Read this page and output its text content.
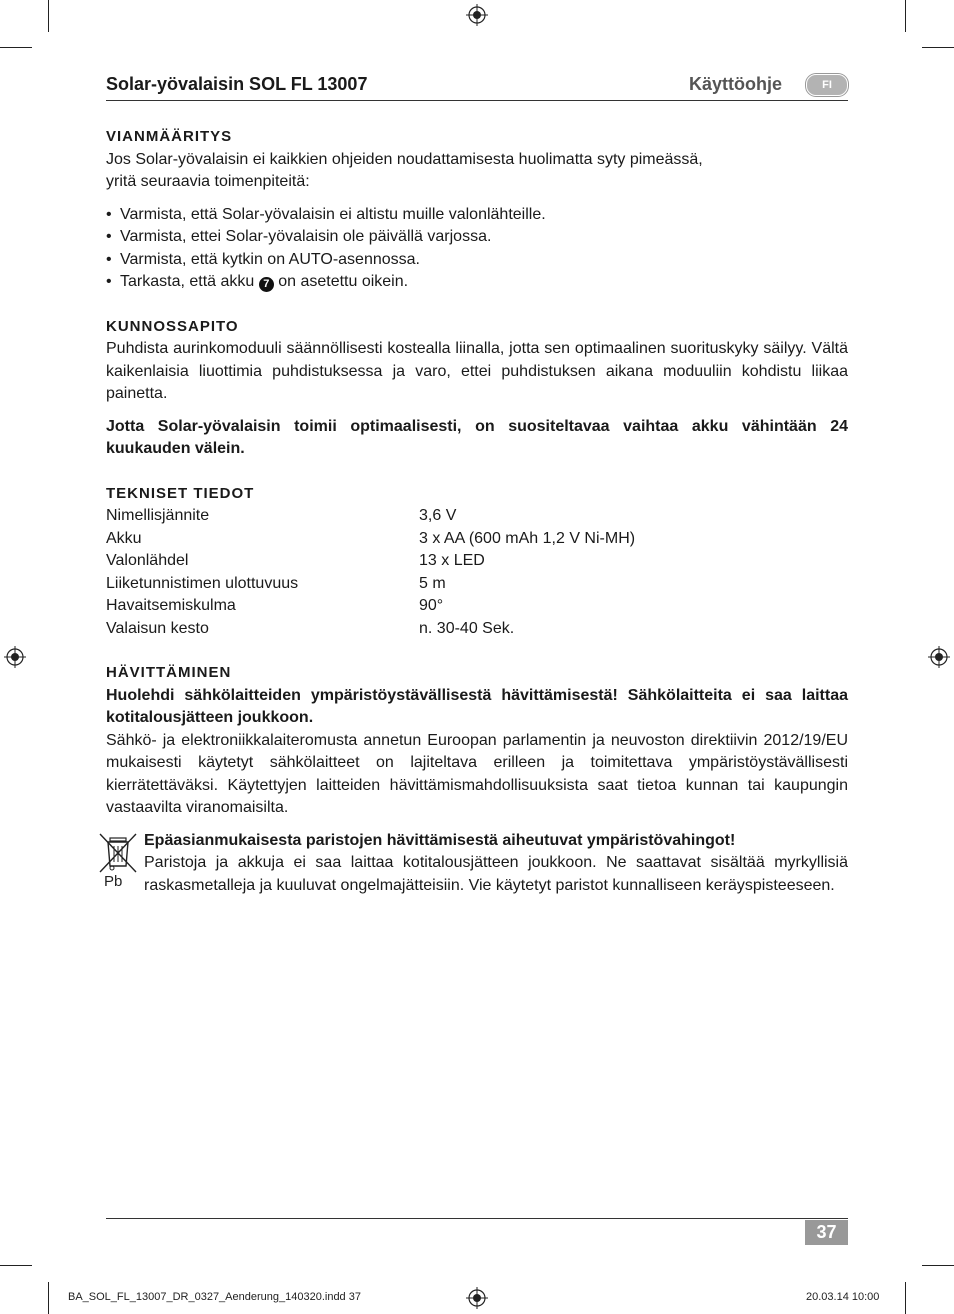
Solar-yövalaisin SOL FL 13007	Käyttöohje	FI

VIANMÄÄRITYS

Jos Solar-yövalaisin ei kaikkien ohjeiden noudattamisesta huolimatta syty pimeässä,

yritä seuraavia toimenpiteitä:

• Varmista, että Solar-yövalaisin ei altistu muille valonlähteille.
• Varmista, ettei Solar-yövalaisin ole päivällä varjossa.
• Varmista, että kytkin on AUTO-asennossa.
• Tarkasta, että akku 7 on asetettu oikein.

KUNNOSSAPITO

Puhdista aurinkomoduuli säännöllisesti kostealla liinalla, jotta sen optimaalinen suorituskyky säilyy. Vältä kaikenlaisia liuottimia puhdistuksessa ja varo, ettei puhdistuksen aikana moduuliin kohdistu liikaa painetta.

Jotta Solar-yövalaisin toimii optimaalisesti, on suositeltavaa vaihtaa akku vähintään 24 kuukauden välein.

TEKNISET TIEDOT

Nimellisjännite	3,6 V
Akku	3 x AA (600 mAh 1,2 V Ni-MH)
Valonlähdel	13 x LED
Liiketunnistimen ulottuvuus	5 m
Havaitsemiskulma	90°
Valaisun kesto	n. 30-40 Sek.

HÄVITTÄMINEN

Huolehdi sähkölaitteiden ympäristöystävällisestä hävittämisestä! Sähkölaitteita ei saa laittaa kotitalousjätteen joukkoon.

Sähkö- ja elektroniikkalaiteromusta annetun Euroopan parlamentin ja neuvoston direktiivin 2012/19/EU mukaisesti käytetyt sähkölaitteet on lajiteltava erilleen ja toimitettava ympäristöystävällisesti kierrätettäväksi. Käytettyjen laitteiden hävittämismahdollisuuksista saat tietoa kunnan tai kaupungin vastaavilta viranomaisilta.

Pb

Epäasianmukaisesta paristojen hävittämisestä aiheutuvat ympäristövahingot!

Paristoja ja akkuja ei saa laittaa kotitalousjätteen joukkoon. Ne saattavat sisältää myrkyllisiä raskasmetalleja ja kuuluvat ongelmajätteisiin. Vie käytetyt paristot kunnalliseen keräyspisteeseen.

37
BA_SOL_FL_13007_DR_0327_Aenderung_140320.indd 37	20.03.14 10:00
